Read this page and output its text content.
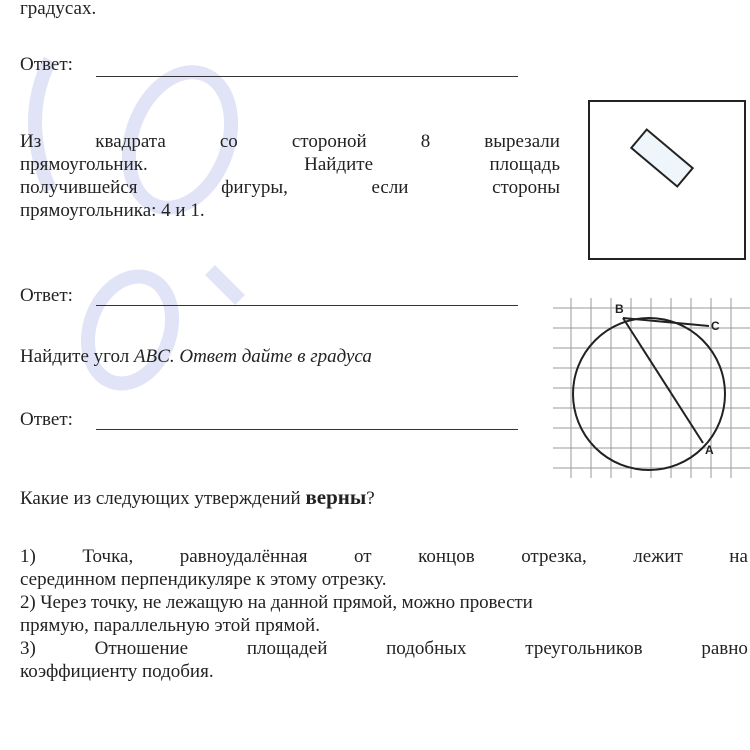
градусах.
Ответ:
Из	квадрата	со	стороной	8	вырезали
прямоугольник.	Найдите	площадь
получившейся	фигуры,	если	стороны
прямоугольника: 4 и 1.
Ответ:
Найдите угол ABC. Ответ дайте в градуса
Ответ:
B
C
A
Какие из следующих утверждений верны?
1) Точка, равноудалённая от концов отрезка, лежит на
серединном перпендикуляре к этому отрезку.
2) Через точку, не лежащую на данной прямой, можно провести
прямую, параллельную этой прямой.
3)	Отношение	площадей	подобных	треугольников	равно
коэффициенту подобия.
